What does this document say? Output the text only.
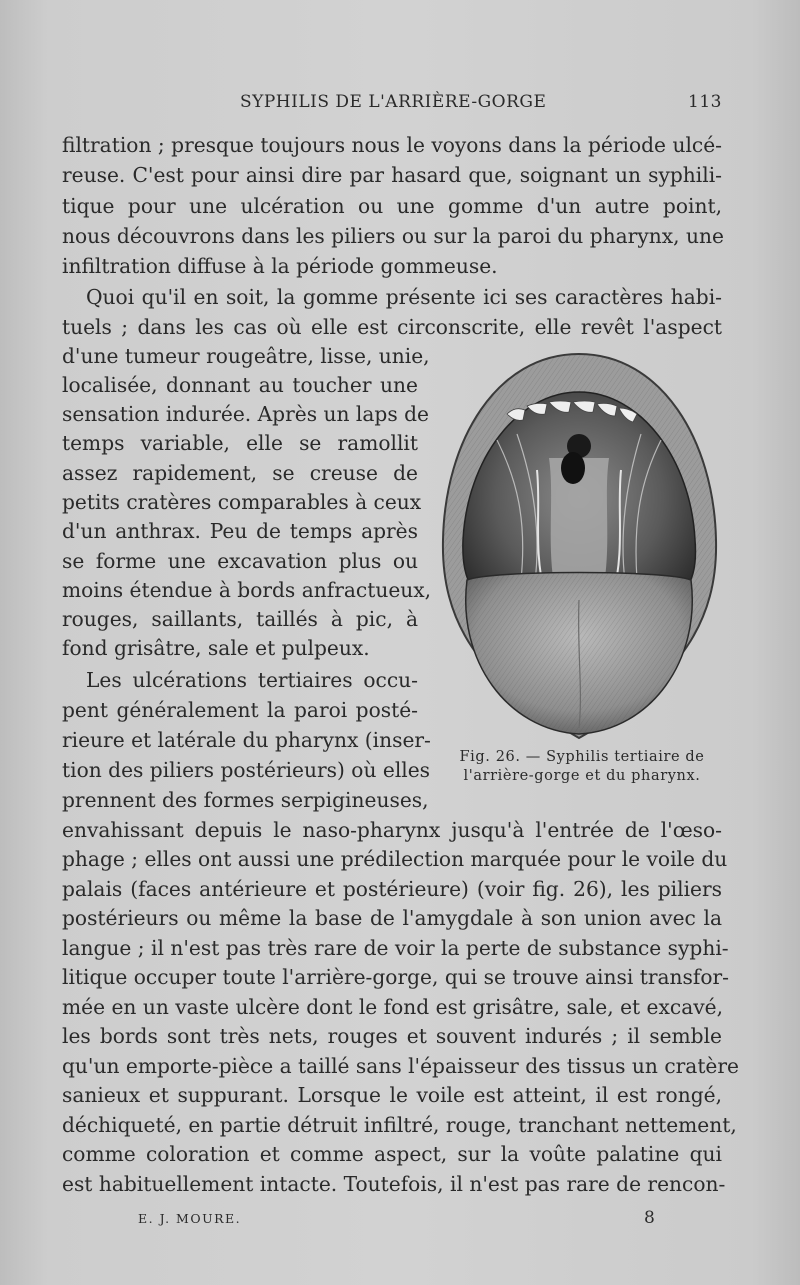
SYPHILIS DE L'ARRIÈRE-GORGE	113
filtration ; presque toujours nous le voyons dans la période ulcé-
reuse. C'est pour ainsi dire par hasard que, soignant un syphili-
tique pour une ulcération ou une gomme d'un autre point,
nous découvrons dans les piliers ou sur la paroi du pharynx, une
infiltration diffuse à la période gommeuse.
Quoi qu'il en soit, la gomme présente ici ses caractères habi-
tuels ; dans les cas où elle est circonscrite, elle revêt l'aspect
d'une tumeur rougeâtre, lisse, unie,
localisée, donnant au toucher une
sensation indurée. Après un laps de
temps variable, elle se ramollit
assez rapidement, se creuse de
petits cratères comparables à ceux
d'un anthrax. Peu de temps après
se forme une excavation plus ou
moins étendue à bords anfractueux,
rouges, saillants, taillés à pic, à
fond grisâtre, sale et pulpeux.
Les ulcérations tertiaires occu-
pent généralement la paroi posté-
rieure et latérale du pharynx (inser-
tion des piliers postérieurs) où elles
prennent des formes serpigineuses,
envahissant depuis le naso-pharynx jusqu'à l'entrée de l'œso-
phage ; elles ont aussi une prédilection marquée pour le voile du
palais (faces antérieure et postérieure) (voir fig. 26), les piliers
postérieurs ou même la base de l'amygdale à son union avec la
langue ; il n'est pas très rare de voir la perte de substance syphi-
litique occuper toute l'arrière-gorge, qui se trouve ainsi transfor-
mée en un vaste ulcère dont le fond est grisâtre, sale, et excavé,
les bords sont très nets, rouges et souvent indurés ; il semble
qu'un emporte-pièce a taillé sans l'épaisseur des tissus un cratère
sanieux et suppurant. Lorsque le voile est atteint, il est rongé,
déchiqueté, en partie détruit infiltré, rouge, tranchant nettement,
comme coloration et comme aspect, sur la voûte palatine qui
est habituellement intacte. Toutefois, il n'est pas rare de rencon-
Fig. 26. — Syphilis tertiaire de
l'arrière-gorge et du pharynx.
E. J. MOURE.	8
